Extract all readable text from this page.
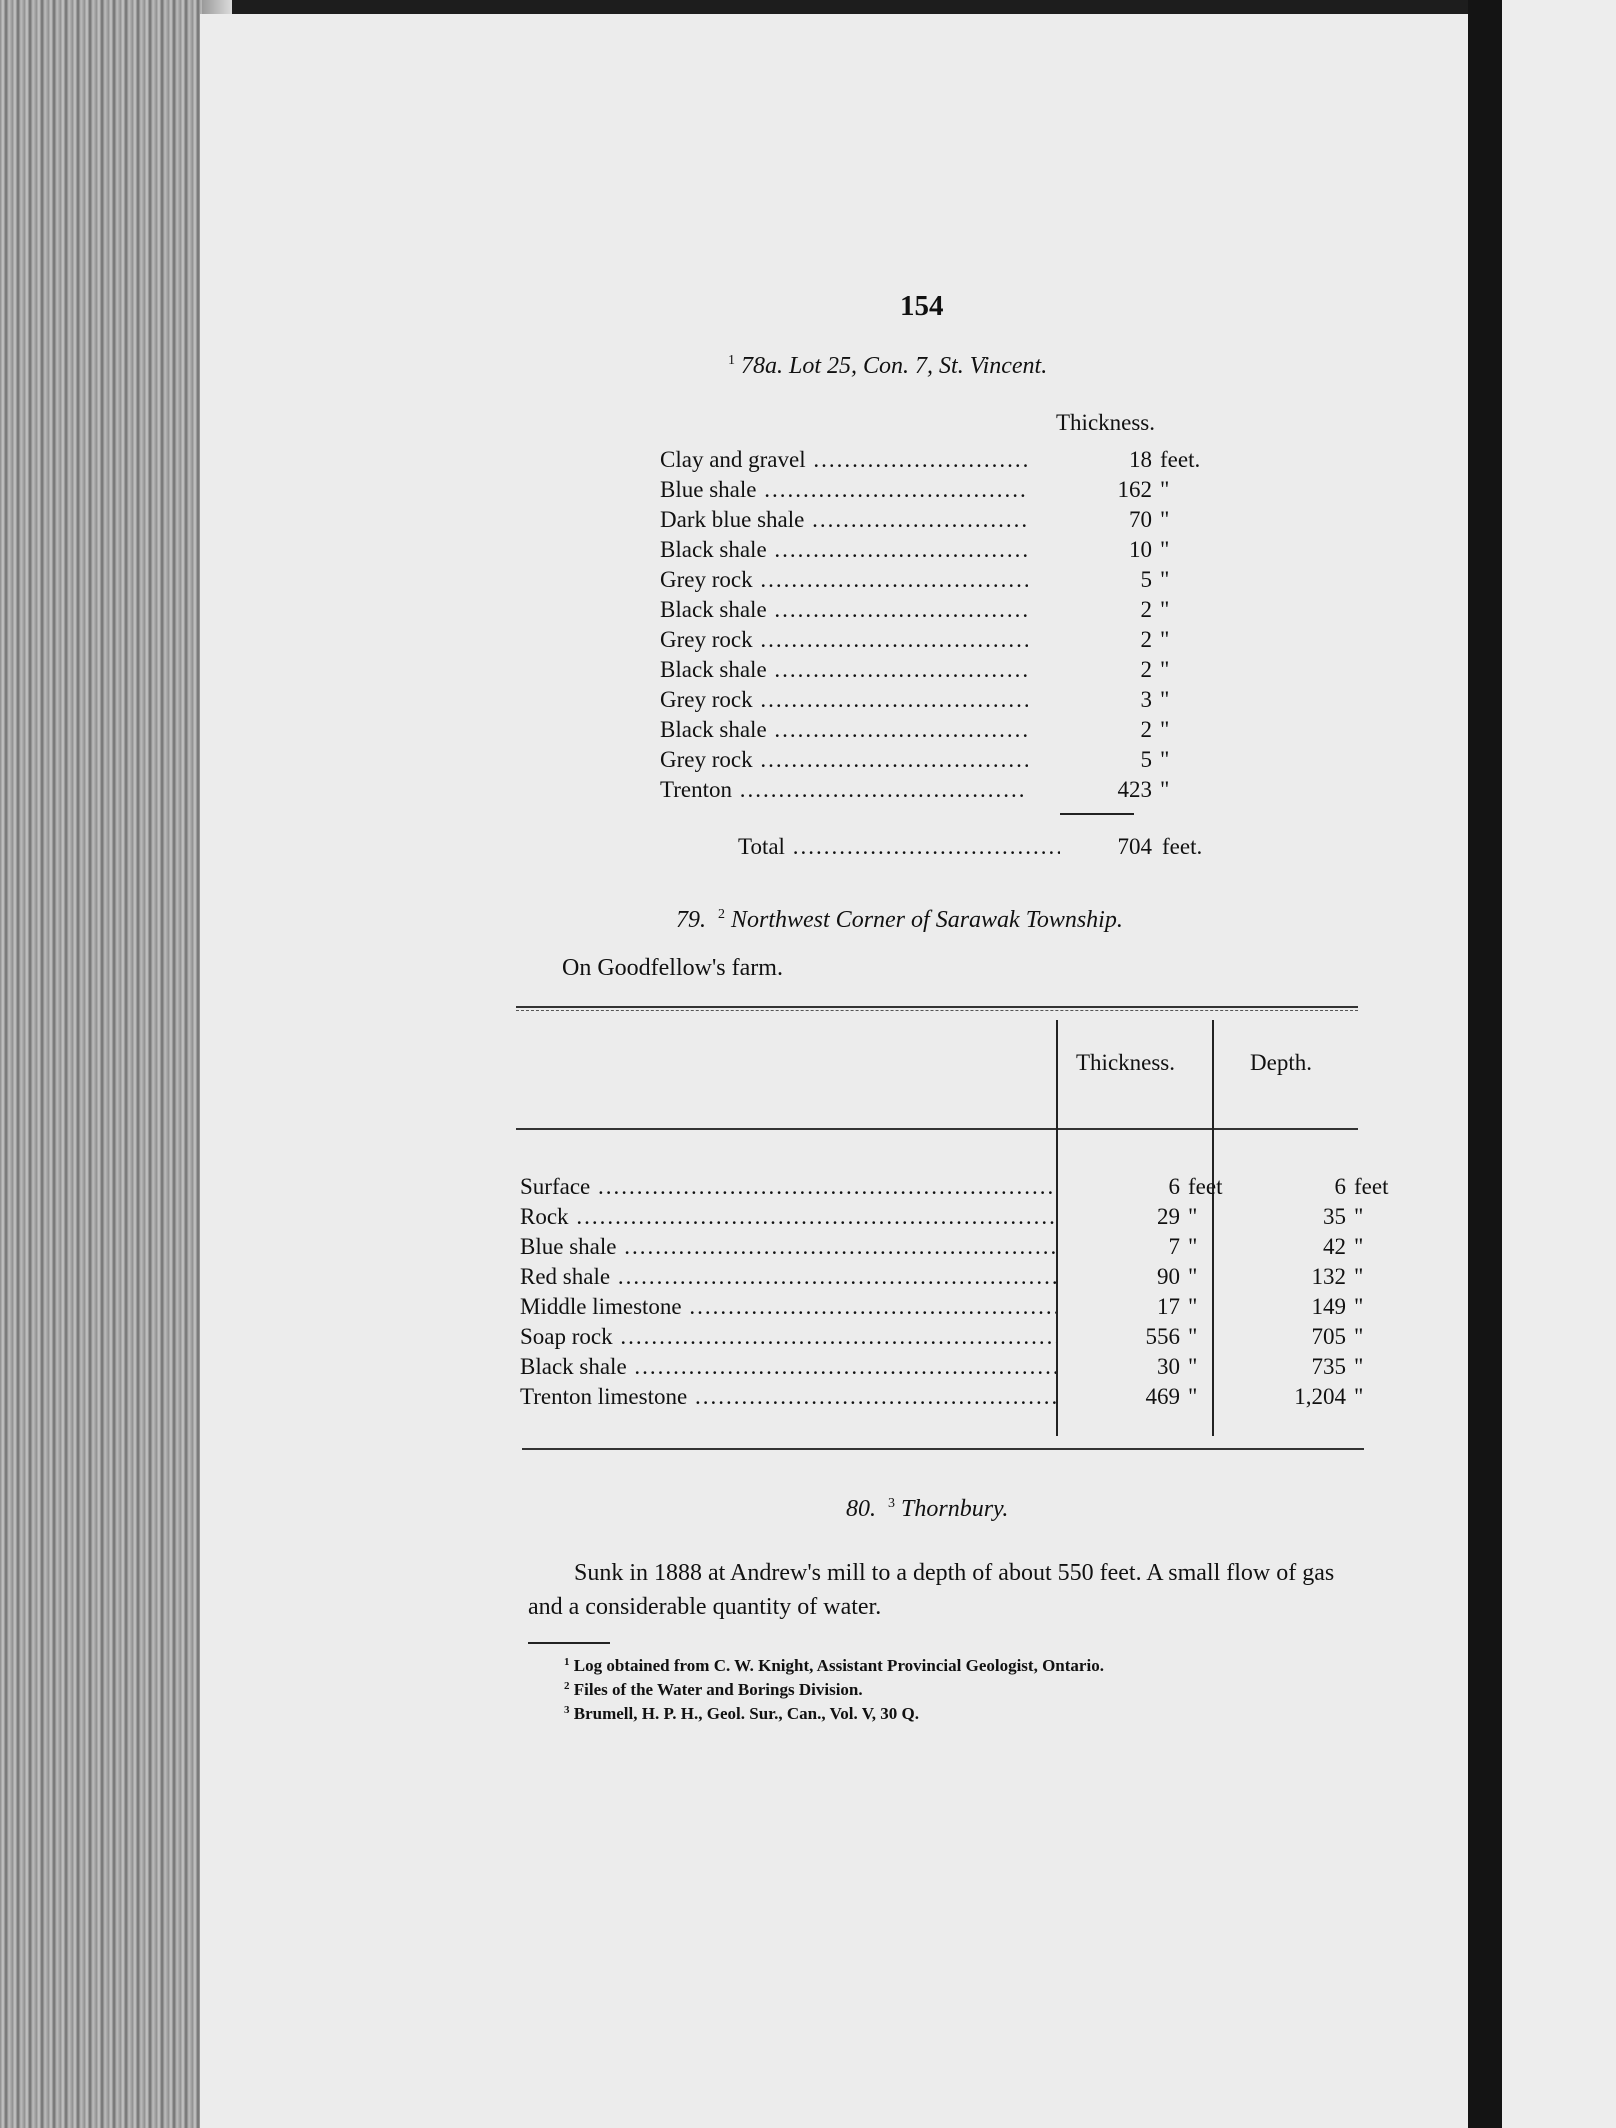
154
$^1$ 78a. Lot 25, Con. 7, St. Vincent.
Thickness.
Clay and gravel .....	18 feet.
Blue shale .....	162 "
Dark blue shale .....	70 "
Black shale .....	10 "
Grey rock .....	5 "
Black shale .....	2 "
Grey rock .....	2 "
Black shale .....	2 "
Grey rock .....	3 "
Black shale .....	2 "
Grey rock .....	5 "
Trenton .....	423 "
Total .....	704 feet.
79. $^2$ Northwest Corner of Sarawak Township.
On Goodfellow's farm.
Thickness.	Depth.
Surface .....	6 feet	6 feet
Rock .....	29 "	35 "
Blue shale .....	7 "	42 "
Red shale .....	90 "	132 "
Middle limestone .....	17 "	149 "
Soap rock .....	556 "	705 "
Black shale .....	30 "	735 "
Trenton limestone .....	469 "	1,204 "
80. $^3$ Thornbury.
Sunk in 1888 at Andrew's mill to a depth of about 550 feet. A small flow of gas and a considerable quantity of water.
$^1$ Log obtained from C. W. Knight, Assistant Provincial Geologist, Ontario.
$^2$ Files of the Water and Borings Division.
$^3$ Brumell, H. P. H., Geol. Sur., Can., Vol. V, 30 Q.
